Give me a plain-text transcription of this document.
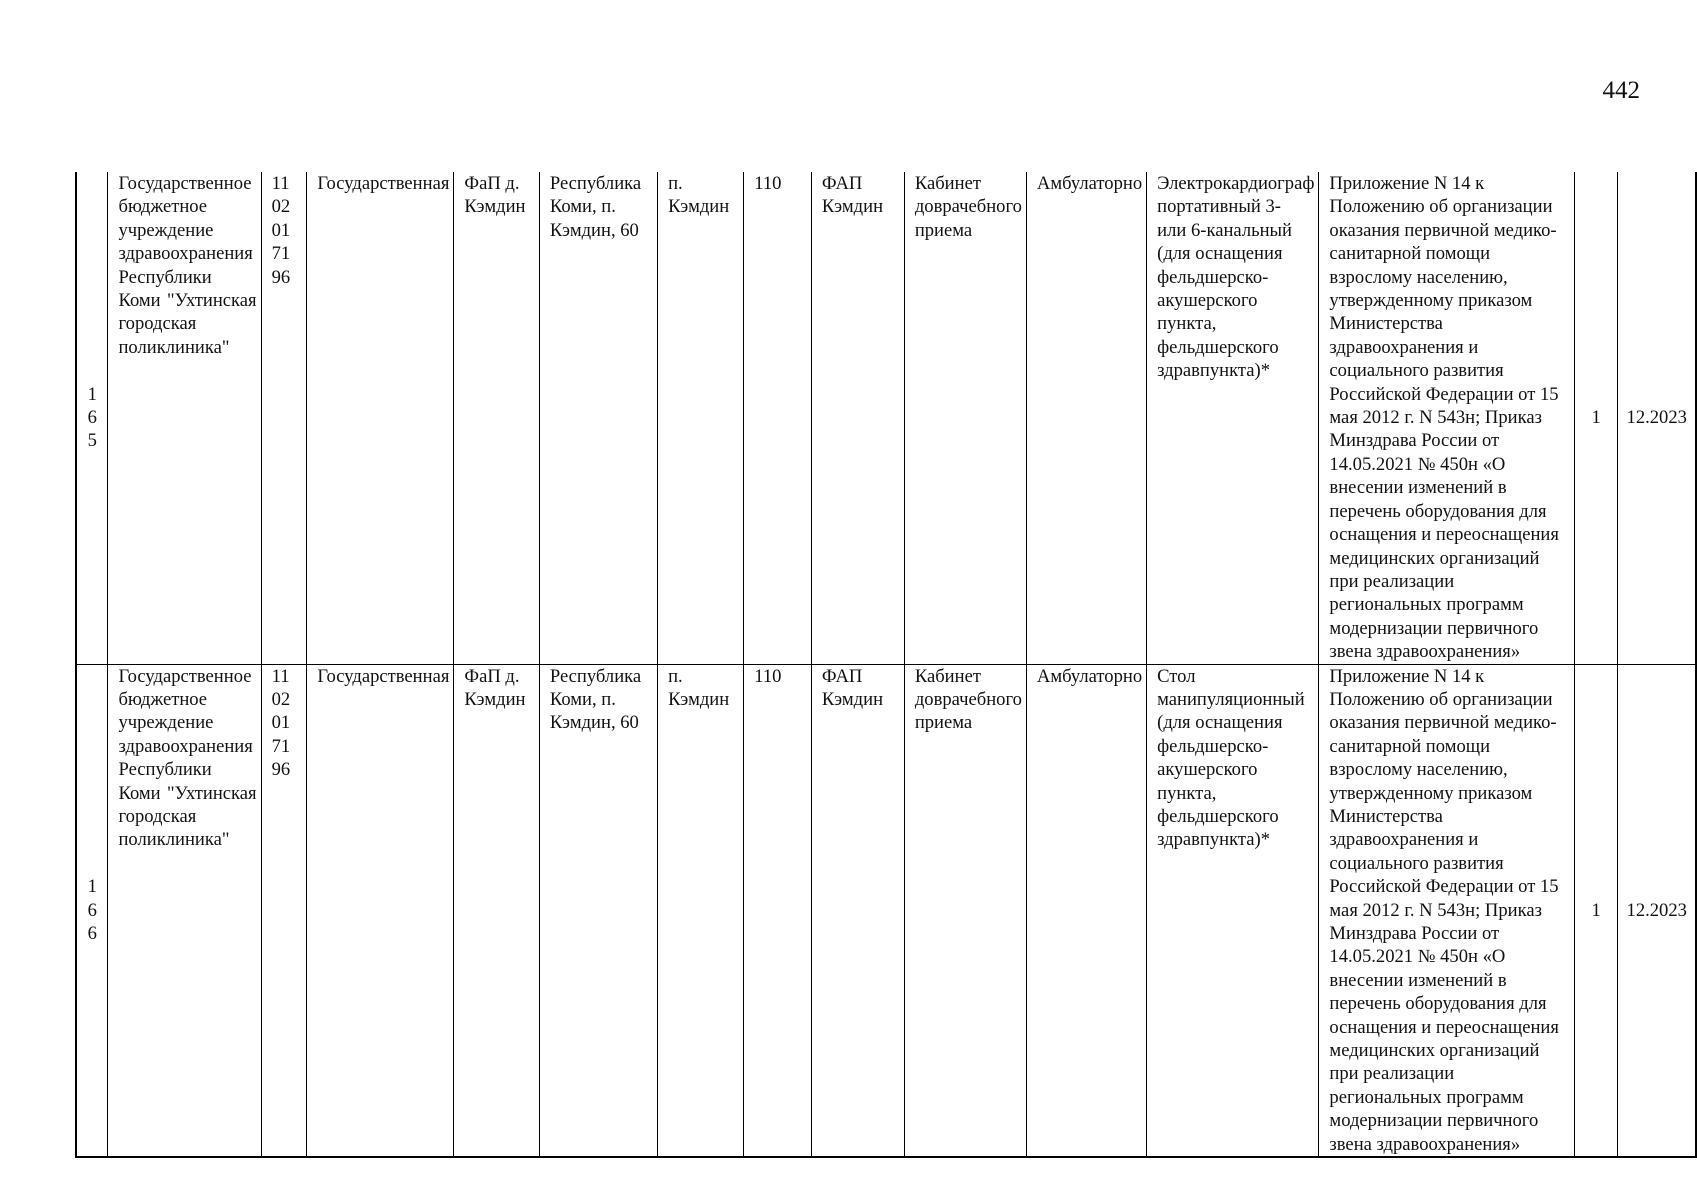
442
165	Государственное бюджетное учреждение здравоохранения Республики Коми "Ухтинская городская поликлиника"	1102017196	Государственная	ФаП д. Кэмдин	Республика Коми, п. Кэмдин, 60	п. Кэмдин	110	ФАП Кэмдин	Кабинет доврачебного приема	Амбулаторно	Электрокардиограф портативный 3- или 6-канальный (для оснащения фельдшерско-акушерского пункта, фельдшерского здравпункта)*	Приложение N 14 к Положению об организации оказания первичной медико-санитарной помощи взрослому населению, утвержденному приказом Министерства здравоохранения и социального развития Российской Федерации от 15 мая 2012 г. N 543н; Приказ Минздрава России от 14.05.2021 № 450н «О внесении изменений в перечень оборудования для оснащения и переоснащения медицинских организаций при реализации региональных программ модернизации первичного звена здравоохранения»	1	12.2023
166	Государственное бюджетное учреждение здравоохранения Республики Коми "Ухтинская городская поликлиника"	1102017196	Государственная	ФаП д. Кэмдин	Республика Коми, п. Кэмдин, 60	п. Кэмдин	110	ФАП Кэмдин	Кабинет доврачебного приема	Амбулаторно	Стол манипуляционный (для оснащения фельдшерско-акушерского пункта, фельдшерского здравпункта)*	Приложение N 14 к Положению об организации оказания первичной медико-санитарной помощи взрослому населению, утвержденному приказом Министерства здравоохранения и социального развития Российской Федерации от 15 мая 2012 г. N 543н; Приказ Минздрава России от 14.05.2021 № 450н «О внесении изменений в перечень оборудования для оснащения и переоснащения медицинских организаций при реализации региональных программ модернизации первичного звена здравоохранения»	1	12.2023
